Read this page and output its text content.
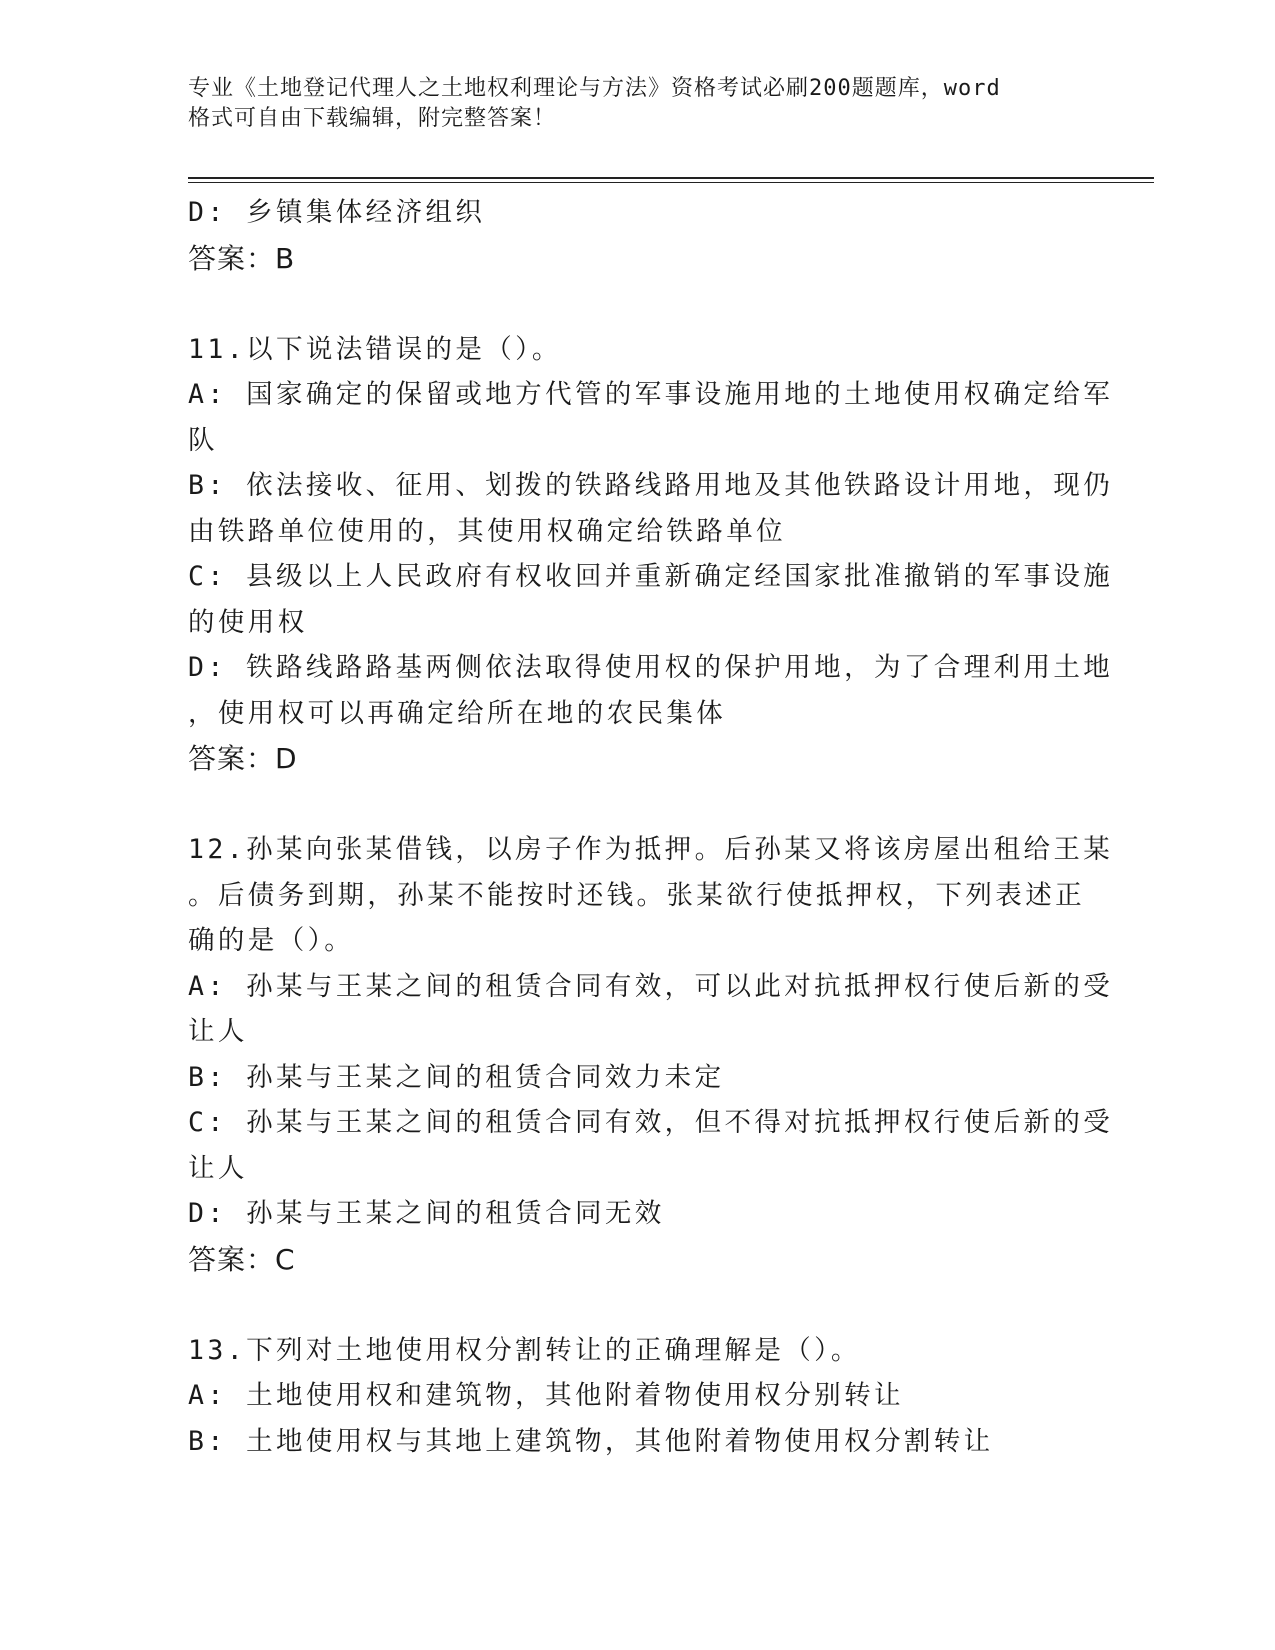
专业《土地登记代理人之土地权利理论与方法》资格考试必刷200题题库，word
格式可自由下载编辑，附完整答案！
D: 乡镇集体经济组织
答案：B
11.以下说法错误的是（）。
A: 国家确定的保留或地方代管的军事设施用地的土地使用权确定给军
队
B: 依法接收、征用、划拨的铁路线路用地及其他铁路设计用地，现仍
由铁路单位使用的，其使用权确定给铁路单位
C: 县级以上人民政府有权收回并重新确定经国家批准撤销的军事设施
的使用权
D: 铁路线路路基两侧依法取得使用权的保护用地，为了合理利用土地
，使用权可以再确定给所在地的农民集体
答案：D
12.孙某向张某借钱，以房子作为抵押。后孙某又将该房屋出租给王某
。后债务到期，孙某不能按时还钱。张某欲行使抵押权，下列表述正
确的是（）。
A: 孙某与王某之间的租赁合同有效，可以此对抗抵押权行使后新的受
让人
B: 孙某与王某之间的租赁合同效力未定
C: 孙某与王某之间的租赁合同有效，但不得对抗抵押权行使后新的受
让人
D: 孙某与王某之间的租赁合同无效
答案：C
13.下列对土地使用权分割转让的正确理解是（）。
A: 土地使用权和建筑物，其他附着物使用权分别转让
B: 土地使用权与其地上建筑物，其他附着物使用权分割转让
